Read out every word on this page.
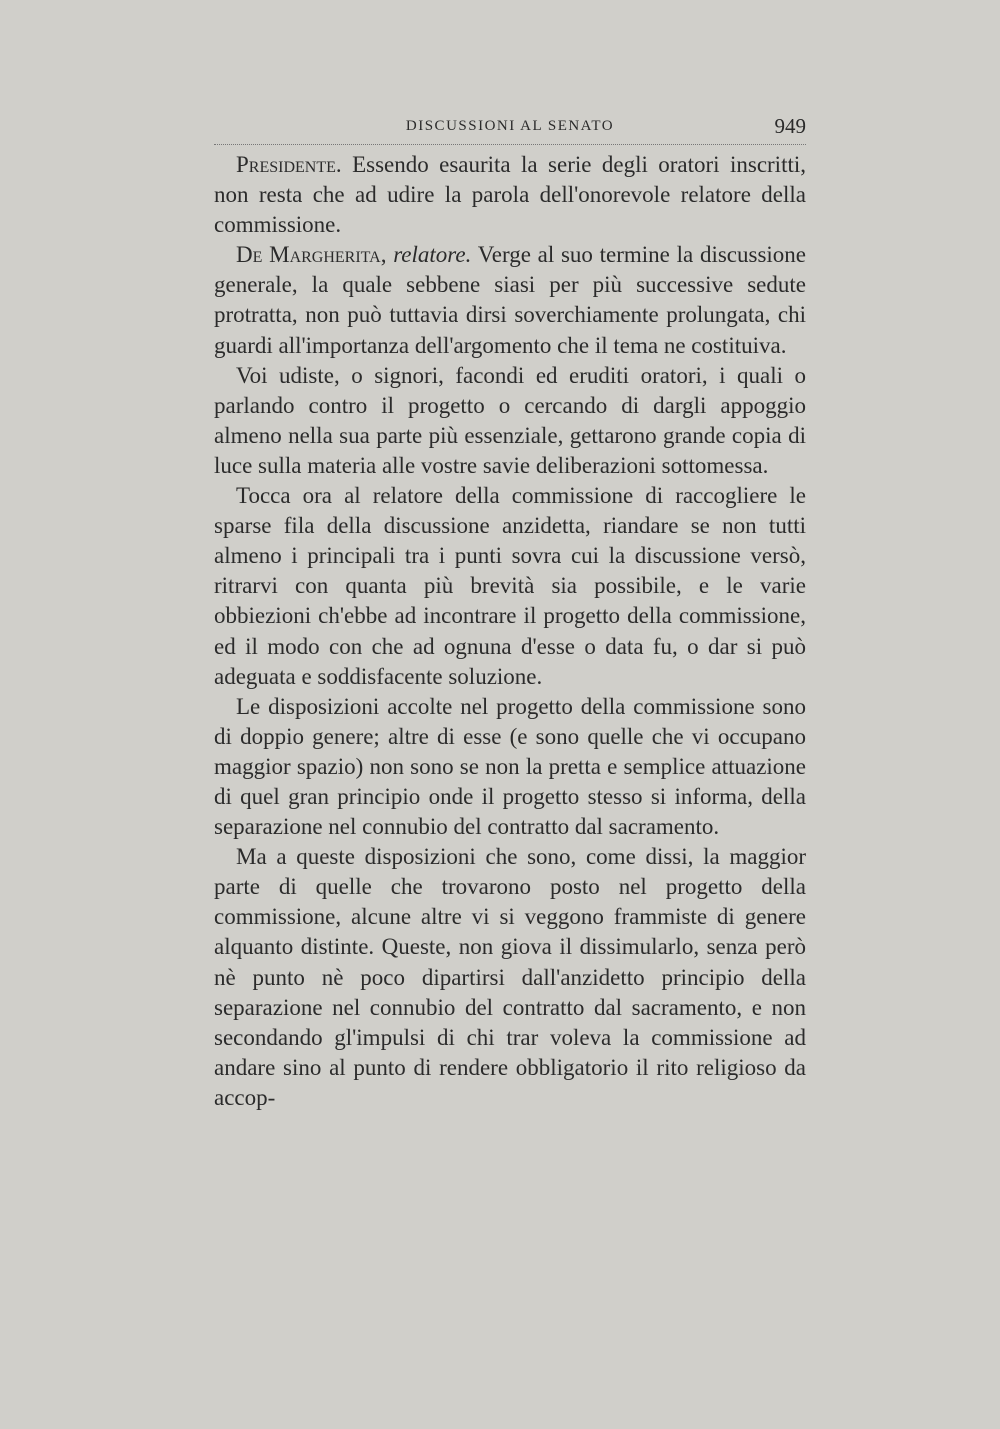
DISCUSSIONI AL SENATO	949

Presidente. Essendo esaurita la serie degli oratori inscritti, non resta che ad udire la parola dell'onorevole relatore della commissione.

De Margherita, relatore. Verge al suo termine la discussione generale, la quale sebbene siasi per più successive sedute protratta, non può tuttavia dirsi soverchiamente prolungata, chi guardi all'importanza dell'argomento che il tema ne costituiva.

Voi udiste, o signori, facondi ed eruditi oratori, i quali o parlando contro il progetto o cercando di dargli appoggio almeno nella sua parte più essenziale, gettarono grande copia di luce sulla materia alle vostre savie deliberazioni sottomessa.

Tocca ora al relatore della commissione di raccogliere le sparse fila della discussione anzidetta, riandare se non tutti almeno i principali tra i punti sovra cui la discussione versò, ritrarvi con quanta più brevità sia possibile, e le varie obbiezioni ch'ebbe ad incontrare il progetto della commissione, ed il modo con che ad ognuna d'esse o data fu, o dar si può adeguata e soddisfacente soluzione.

Le disposizioni accolte nel progetto della commissione sono di doppio genere; altre di esse (e sono quelle che vi occupano maggior spazio) non sono se non la pretta e semplice attuazione di quel gran principio onde il progetto stesso si informa, della separazione nel connubio del contratto dal sacramento.

Ma a queste disposizioni che sono, come dissi, la maggior parte di quelle che trovarono posto nel progetto della commissione, alcune altre vi si veggono frammiste di genere alquanto distinte. Queste, non giova il dissimularlo, senza però nè punto nè poco dipartirsi dall'anzidetto principio della separazione nel connubio del contratto dal sacramento, e non secondando gl'impulsi di chi trar voleva la commissione ad andare sino al punto di rendere obbligatorio il rito religioso da accop-
